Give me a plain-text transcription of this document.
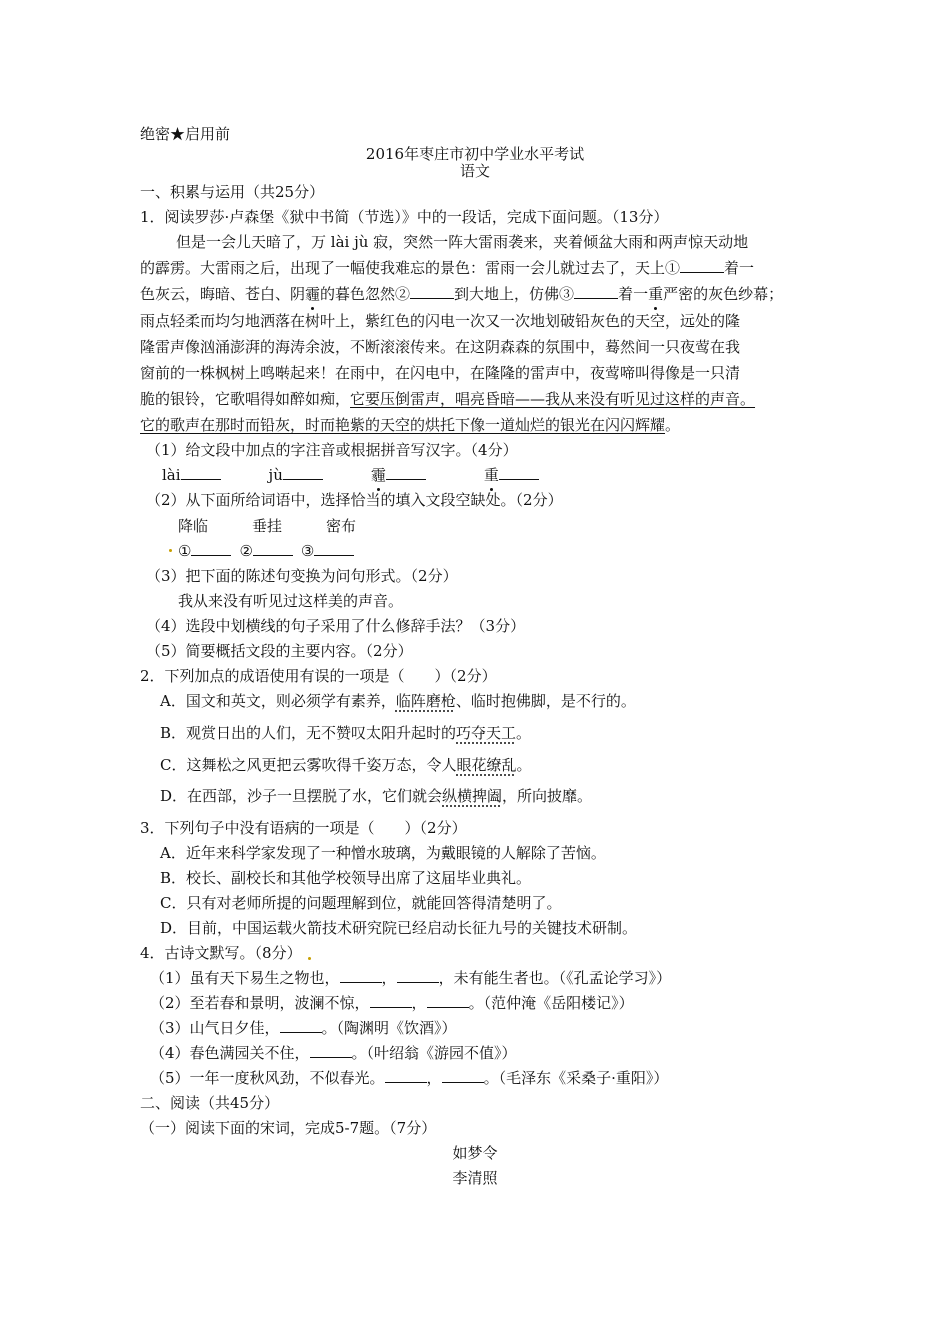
绝密★启用前
2016年枣庄市初中学业水平考试
语文
一、积累与运用（共25分）
1．阅读罗莎·卢森堡《狱中书简（节选）》中的一段话，完成下面问题。（13分）
但是一会儿天暗了，万 lài jù 寂，突然一阵大雷雨袭来，夹着倾盆大雨和两声惊天动地
的霹雳。大雷雨之后，出现了一幅使我难忘的景色：雷雨一会儿就过去了，天上①	着一
色灰云，晦暗、苍白、阴霾的暮色忽然②	到大地上，仿佛③	着一重严密的灰色纱幕；
雨点轻柔而均匀地洒落在树叶上，紫红色的闪电一次又一次地划破铅灰色的天空，远处的隆
隆雷声像汹涌澎湃的海涛余波，不断滚滚传来。在这阴森森的氛围中，蓦然间一只夜莺在我
窗前的一株枫树上鸣啭起来！在雨中，在闪电中，在隆隆的雷声中，夜莺啼叫得像是一只清
脆的银铃，它歌唱得如醉如痴，它要压倒雷声，唱亮昏暗——我从来没有听见过这样的声音。
它的歌声在那时而铅灰，时而艳紫的天空的烘托下像一道灿烂的银光在闪闪辉耀。
（1）给文段中加点的字注音或根据拼音写汉字。（4分）
lài	jù	霾	重
（2）从下面所给词语中，选择恰当的填入文段空缺处。（2分）
降临	垂挂	密布
①	②	③
（3）把下面的陈述句变换为问句形式。（2分）
我从来没有听见过这样美的声音。
（4）选段中划横线的句子采用了什么修辞手法？（3分）
（5）简要概括文段的主要内容。（2分）
2．下列加点的成语使用有误的一项是（　　）（2分）
A．国文和英文，则必须学有素养，临阵磨枪、临时抱佛脚，是不行的。
B．观赏日出的人们，无不赞叹太阳升起时的巧夺天工。
C．这舞松之风更把云雾吹得千姿万态，令人眼花缭乱。
D．在西部，沙子一旦摆脱了水，它们就会纵横捭阖，所向披靡。
3．下列句子中没有语病的一项是（　　）（2分）
A．近年来科学家发现了一种憎水玻璃，为戴眼镜的人解除了苦恼。
B．校长、副校长和其他学校领导出席了这届毕业典礼。
C．只有对老师所提的问题理解到位，就能回答得清楚明了。
D．目前，中国运载火箭技术研究院已经启动长征九号的关键技术研制。
4．古诗文默写。（8分）
（1）虽有天下易生之物也，	，	，未有能生者也。（《孔孟论学习》）
（2）至若春和景明，波澜不惊，	，	。（范仲淹《岳阳楼记》）
（3）山气日夕佳，	。（陶渊明《饮酒》）
（4）春色满园关不住，	。（叶绍翁《游园不值》）
（5）一年一度秋风劲，不似春光。	，	。（毛泽东《采桑子·重阳》）
二、阅读（共45分）
（一）阅读下面的宋词，完成5-7题。（7分）
如梦令
李清照
